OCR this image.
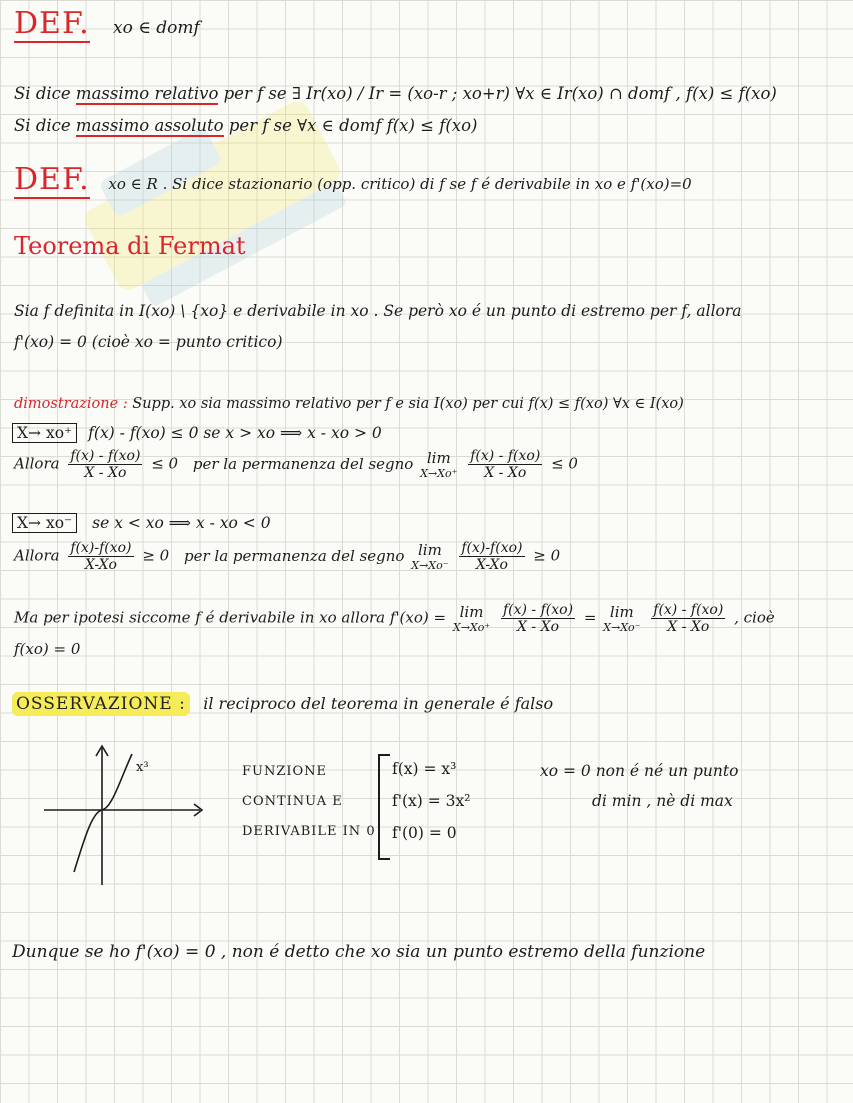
DEF. xo ∈ domf
Si dice massimo relativo per f se ∃ Ir(xo) / Ir = (xo-r ; xo+r) ∀x ∈ Ir(xo) ∩ domf , f(x) ≤ f(xo)
Si dice massimo assoluto per f se ∀x ∈ domf f(x) ≤ f(xo)
DEF. xo ∈ R . Si dice stazionario (opp. critico) di f se f é derivabile in xo e f'(xo)=0
Teorema di Fermat
Sia f definita in I(xo) \ {xo} e derivabile in xo . Se però xo é un punto di estremo per f, allora
f'(xo) = 0 (cioè xo = punto critico)
dimostrazione : Supp. xo sia massimo relativo per f e sia I(xo) per cui f(x) ≤ f(xo) ∀x ∈ I(xo)
X→ xo⁺ f(x) - f(xo) ≤ 0 se x > xo ⟹ x - xo > 0
Allora $\frac{f(x) - f(xo)}{X - Xo} \le 0$ per la permanenza del segno lim
X→Xo⁺
$\frac{f(x) - f(xo)}{X - Xo} \le 0$
X→ xo⁻ se x < xo ⟹ x - xo < 0
Allora $\frac{f(x)-f(xo)}{X-Xo} \ge 0$ per la permanenza del segno lim
X→Xo⁻
$\frac{f(x)-f(xo)}{X-Xo} \ge 0$
Ma per ipotesi siccome f é derivabile in xo allora f'(xo) = lim
X→Xo⁺
$\frac{f(x) - f(xo)}{X - Xo} = \lim$
X→Xo⁻
$\frac{f(x) - f(xo)}{X - Xo}$ , cioè
f(xo) = 0
OSSERVAZIONE : il reciproco del teorema in generale é falso
x³	FUNZIONE
CONTINUA E
DERIVABILE IN 0
f(x) = x³
f'(x) = 3x²
f'(0) = 0
xo = 0 non é né un punto
di min , nè di max
Dunque se ho f'(xo) = 0 , non é detto che xo sia un punto estremo della funzione
